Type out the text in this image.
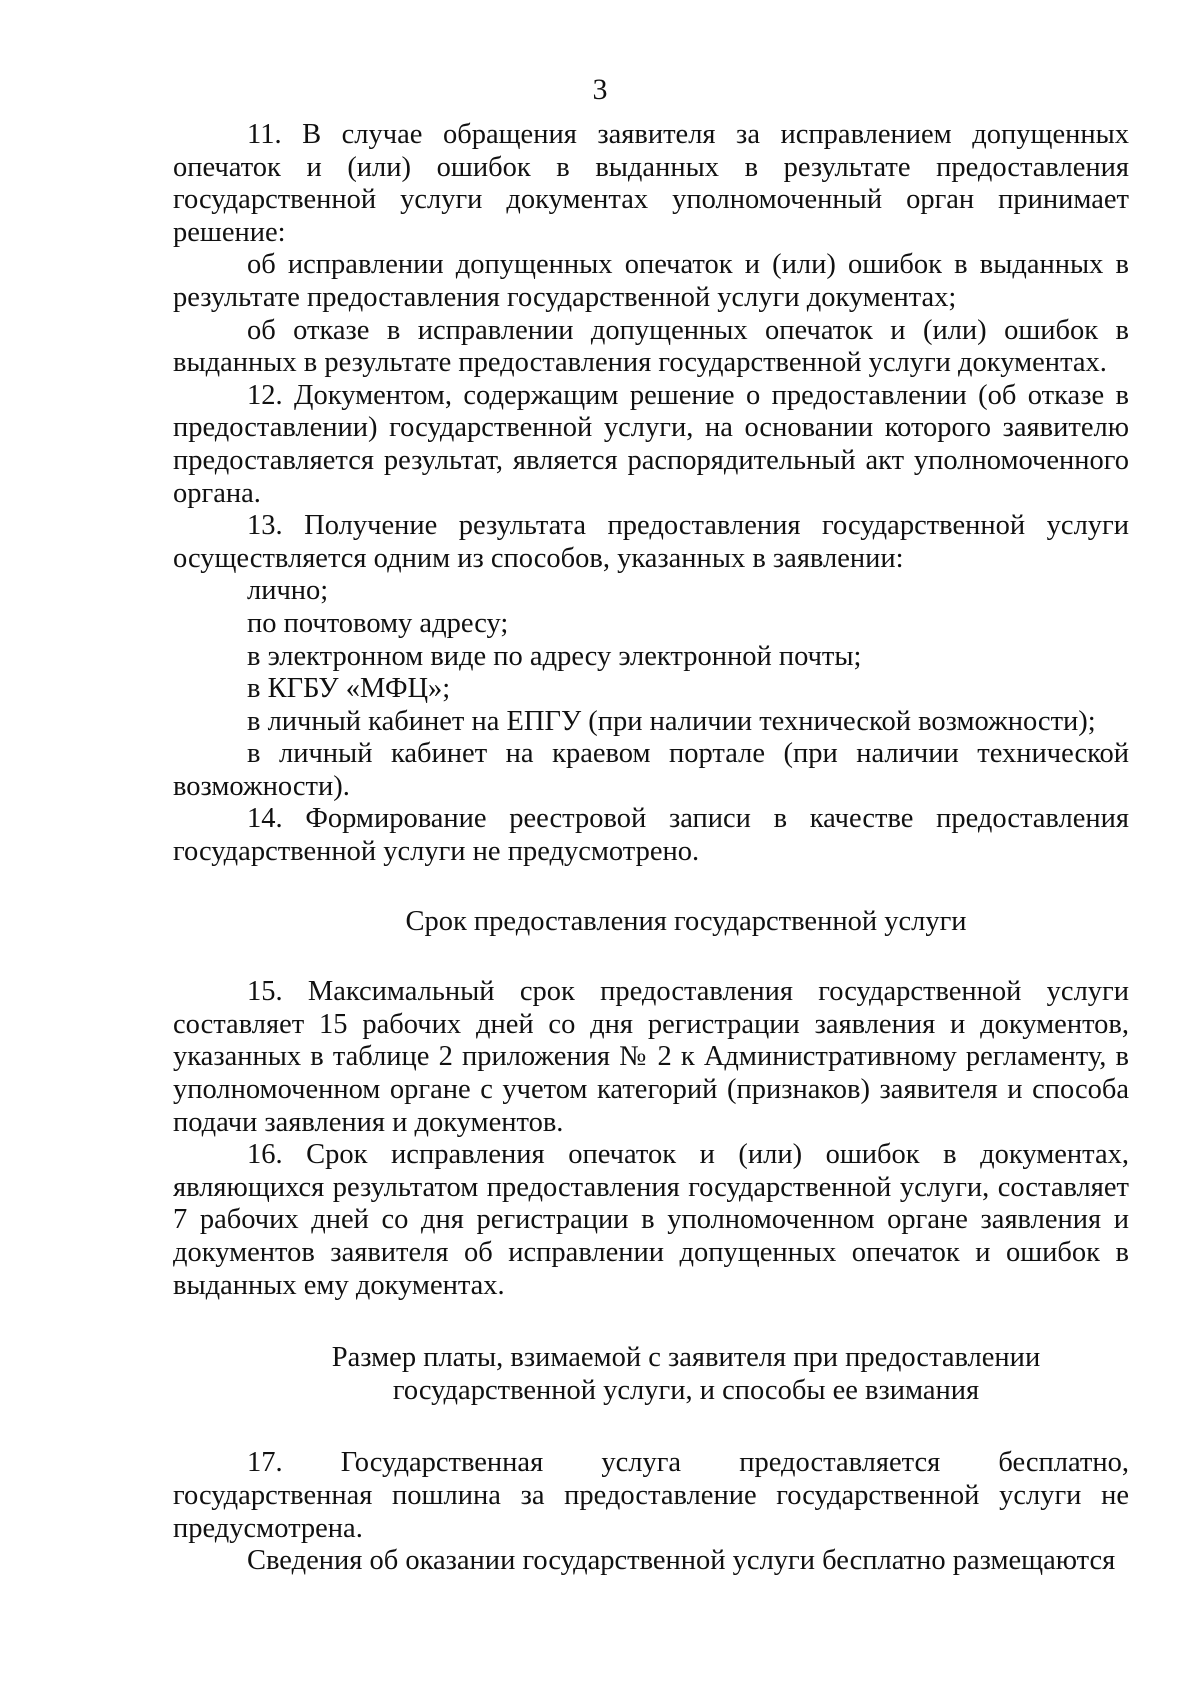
3

11. В случае обращения заявителя за исправлением допущенных опечаток и (или) ошибок в выданных в результате предоставления государственной услуги документах уполномоченный орган принимает решение:

об исправлении допущенных опечаток и (или) ошибок в выданных в результате предоставления государственной услуги документах;

об отказе в исправлении допущенных опечаток и (или) ошибок в выданных в результате предоставления государственной услуги документах.

12. Документом, содержащим решение о предоставлении (об отказе в предоставлении) государственной услуги, на основании которого заявителю предоставляется результат, является распорядительный акт уполномоченного органа.

13. Получение результата предоставления государственной услуги осуществляется одним из способов, указанных в заявлении:

лично;

по почтовому адресу;

в электронном виде по адресу электронной почты;

в КГБУ «МФЦ»;

в личный кабинет на ЕПГУ (при наличии технической возможности);

в личный кабинет на краевом портале (при наличии технической возможности).

14. Формирование реестровой записи в качестве предоставления государственной услуги не предусмотрено.

Срок предоставления государственной услуги

15. Максимальный срок предоставления государственной услуги составляет 15 рабочих дней со дня регистрации заявления и документов, указанных в таблице 2 приложения № 2 к Административному регламенту, в уполномоченном органе с учетом категорий (признаков) заявителя и способа подачи заявления и документов.

16. Срок исправления опечаток и (или) ошибок в документах, являющихся результатом предоставления государственной услуги, составляет 7 рабочих дней со дня регистрации в уполномоченном органе заявления и документов заявителя об исправлении допущенных опечаток и ошибок в выданных ему документах.

Размер платы, взимаемой с заявителя при предоставлении
государственной услуги, и способы ее взимания

17. Государственная услуга предоставляется бесплатно, государственная пошлина за предоставление государственной услуги не предусмотрена.

Сведения об оказании государственной услуги бесплатно размещаются
